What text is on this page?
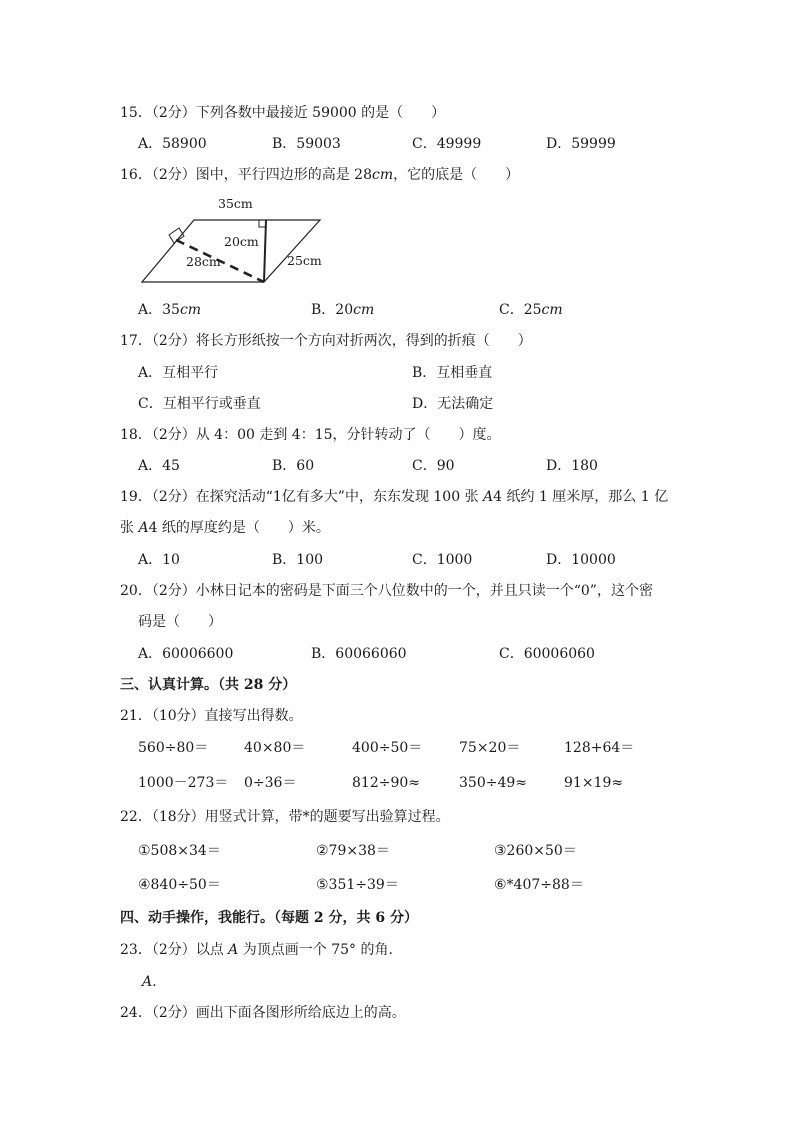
15．（2分）下列各数中最接近 59000 的是（　　）
A．58900	B．59003	C．49999	D．59999
16．（2分）图中，平行四边形的高是 28cm，它的底是（　　）
35cm
20cm
28cm	25cm
A．35cm	B．20cm	C．25cm
17．（2分）将长方形纸按一个方向对折两次，得到的折痕（　　）
A．互相平行	B．互相垂直
C．互相平行或垂直	D．无法确定
18．（2分）从 4：00 走到 4：15，分针转动了（　　）度。
A．45	B．60	C．90	D．180
19．（2分）在探究活动“1亿有多大”中，东东发现 100 张 A4 纸约 1 厘米厚，那么 1 亿
张 A4 纸的厚度约是（　　）米。
A．10	B．100	C．1000	D．10000
20．（2分）小林日记本的密码是下面三个八位数中的一个，并且只读一个“0”，这个密
码是（　　）
A．60006600	B．60066060	C．60006060
三、认真计算。（共 28 分）
21．（10分）直接写出得数。
560÷80＝	40×80＝	400÷50＝	75×20＝	128+64＝
1000－273＝ 0÷36＝	812÷90≈	350÷49≈	91×19≈
22．（18分）用竖式计算，带*的题要写出验算过程。
①508×34＝	②79×38＝	③260×50＝
④840÷50＝	⑤351÷39＝	⑥*407÷88＝
四、动手操作，我能行。（每题 2 分，共 6 分）
23．（2分）以点 A 为顶点画一个 75° 的角.
A.
24．（2分）画出下面各图形所给底边上的高。
